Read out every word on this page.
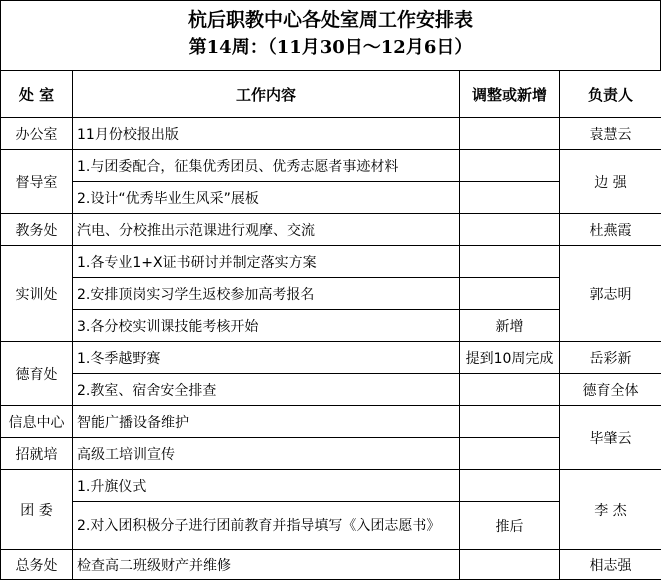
杭后职教中心各处室周工作安排表
第14周：（11月30日～12月6日）
处 室	工作内容	调整或新增	负责人
办公室	11月份校报出版		袁慧云
督导室	1.与团委配合，征集优秀团员、优秀志愿者事迹材料		边 强
	2.设计“优秀毕业生风采”展板		
教务处	汽电、分校推出示范课进行观摩、交流		杜燕霞
实训处	1.各专业1+X证书研讨并制定落实方案		郭志明
	2.安排顶岗实习学生返校参加高考报名		
	3.各分校实训课技能考核开始	新增	
德育处	1.冬季越野赛	提到10周完成	岳彩新
	2.教室、宿舍安全排查		德育全体
信息中心	智能广播设备维护		毕肇云
招就培	高级工培训宣传		
团 委	1.升旗仪式		李 杰
	2.对入团积极分子进行团前教育并指导填写《入团志愿书》	推后	
总务处	检查高二班级财产并维修		相志强
